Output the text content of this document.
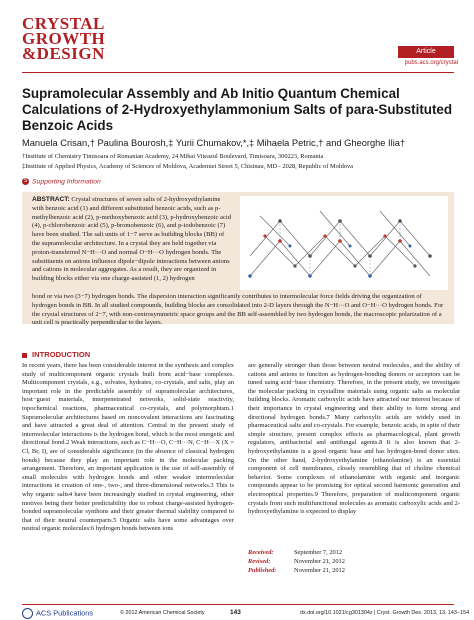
CRYSTAL
GROWTH
&DESIGN	Article
pubs.acs.org/crystal
Supramolecular Assembly and Ab Initio Quantum Chemical Calculations of 2-Hydroxyethylammonium Salts of para-Substituted Benzoic Acids

Manuela Crisan,† Paulina Bourosh,‡ Yurii Chumakov,*,‡ Mihaela Petric,† and Gheorghe Ilia†

†Institute of Chemistry Timisoara of Romanian Academy, 24 Mihai Viteazul Boulevard, Timisoara, 300223, Romania

‡Institute of Applied Physics, Academy of Sciences of Moldova, Academiei Street 5, Chisinau, MD - 2028, Republic of Moldova

S Supporting Information

ABSTRACT: Crystal structures of seven salts of 2-hydroxyethylamine with benzoic acid (1) and different substituted benzoic acids, such as p-methylbenzoic acid (2), p-methoxybenzoic acid (3), p-hydroxybenzoic acid (4), p-chlorobenzoic acid (5), p-bromobenzoic (6), and p-iodobenzoic (7) have been studied. The salt units of 1−7 serve as building blocks (BB) of the supramolecular architecture. In a crystal they are held together via proton-transferred N−H···O and normal O−H···O hydrogen bonds. The substituents on anions influence dipole−dipole interactions between anions and cations in molecular aggregates. As a result, they are organized in building blocks either via one charge-assisted (1, 2) hydrogen

bond or via two (3−7) hydrogen bonds. The dispersion interaction significantly contributes to intermolecular force fields driving the organization of hydrogen bonds in BB. In all studied compounds, building blocks are consolidated into 2-D layers through the N−H···O and O−H···O hydrogen bonds. For the crystal structures of 2−7, with non-centrosymmetric space groups and the BB self-assembled by two hydrogen bonds, the macroscopic polarization of a unit cell is practically perpendicular to the layers.

INTRODUCTION

In recent years, there has been considerable interest in the synthesis and complex study of multicomponent organic crystals built from acid−base complexes. Multicomponent crystals, e.g., solvates, hydrates, co-crystals, and salts, play an important role in the predictable assembly of supramolecular architectures, host−guest materials, interpenetrated networks, solid-state reactivity, topochemical reactions, pharmaceutical co-crystals, and polymorphism.1 Supramolecular architectures based on noncovalent interactions are fascinating and have attracted a great deal of attention. Central in the present study of intermolecular interactions is the hydrogen bond, which is the most energetic and directional bond.2 Weak interactions, such as C−H···O, C−H···N, C−H···X (X = Cl, Br, I), are of considerable significance (in the absence of classical hydrogen bonds) because they play an important role in the molecular packing arrangement. Therefore, an important application is the use of self-assembly of small molecules with hydrogen bonds and other weaker intermolecular interactions in creation of one-, two-, and three-dimensional networks.3 This is why organic salts4 have been increasingly studied in crystal engineering, other motives being their better predictability due to robust charge-assisted hydrogen-bonded supramolecular synthons and their greater thermal stability compared to that of their neutral counterparts.5 Organic salts have some advantages over neutral organic molecules:6 hydrogen bonds between ions

are generally stronger than those between neutral molecules, and the ability of cations and anions to function as hydrogen-bonding donors or acceptors can be tuned using acid−base chemistry. Therefore, in the present study, we investigate the molecular packing in crystalline materials using organic salts as molecular building blocks. Aromatic carboxylic acids have attracted our interest because of their importance in crystal engineering and their ability to form strong and directional hydrogen bonds.7 Many carboxylic acids are widely used in pharmaceutical salts and co-crystals. For example, benzoic acids, in spite of their simple structure, present complex effects as pharmacological, plant growth regulators, antibacterial and antifungal agents.8 It is also known that 2-hydroxyethylamine is a good organic base and has hydrogen-bond donor sites. On the other hand, 2-hydroxyethylamine (ethanolamine) is an essential component of cell membranes, closely resembling that of choline chemical behavior. Some complexes of ethanolamine with organic and inorganic compounds appear to be promising for optical second harmonic generation and electrooptical properties.9 Therefore, preparation of multicomponent organic crystals from such multifunctional molecules as aromatic carboxylic acids and 2-hydroxyethylamine is expected to display

Received:	September 7, 2012
Revised:	November 21, 2012
Published:	November 21, 2012
ACS Publications	© 2012 American Chemical Society	143	dx.doi.org/10.1021/cg301304z | Cryst. Growth Des. 2013, 13, 143−154
